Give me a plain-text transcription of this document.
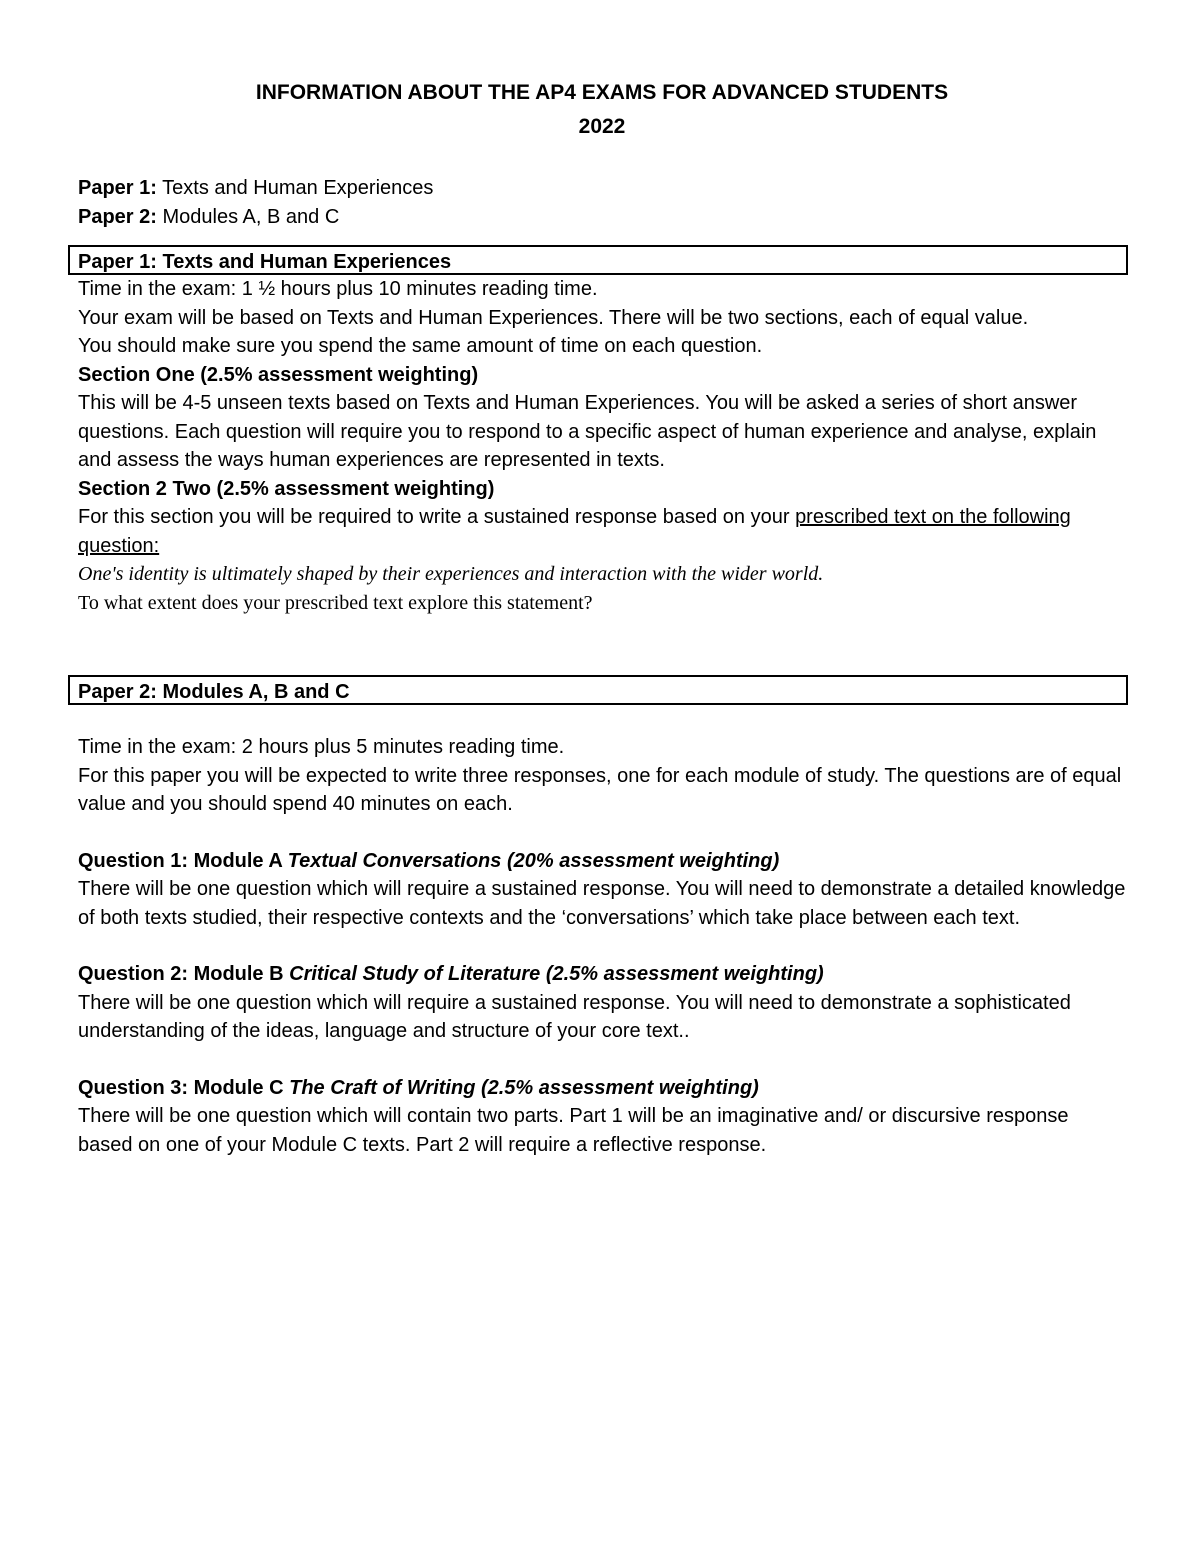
INFORMATION ABOUT THE AP4 EXAMS FOR ADVANCED STUDENTS

2022

Paper 1: Texts and Human Experiences

Paper 2: Modules A, B and C

Paper 1: Texts and Human Experiences

Time in the exam: 1 ½ hours plus 10 minutes reading time.

Your exam will be based on Texts and Human Experiences. There will be two sections, each of equal value.

You should make sure you spend the same amount of time on each question.

Section One (2.5% assessment weighting)

This will be 4-5 unseen texts based on Texts and Human Experiences. You will be asked a series of short answer questions. Each question will require you to respond to a specific aspect of human experience and analyse, explain and assess the ways human experiences are represented in texts.

Section 2 Two (2.5% assessment weighting)

For this section you will be required to write a sustained response based on your prescribed text on the following question:

One's identity is ultimately shaped by their experiences and interaction with the wider world.

To what extent does your prescribed text explore this statement?

Paper 2: Modules A, B and C

Time in the exam: 2 hours plus 5 minutes reading time.

For this paper you will be expected to write three responses, one for each module of study. The questions are of equal value and you should spend 40 minutes on each.

Question 1: Module A Textual Conversations (20% assessment weighting)

There will be one question which will require a sustained response. You will need to demonstrate a detailed knowledge of both texts studied, their respective contexts and the ‘conversations’ which take place between each text.

Question 2: Module B Critical Study of Literature (2.5% assessment weighting)

There will be one question which will require a sustained response. You will need to demonstrate a sophisticated understanding of the ideas, language and structure of your core text..

Question 3: Module C The Craft of Writing (2.5% assessment weighting)

There will be one question which will contain two parts. Part 1 will be an imaginative and/ or discursive response based on one of your Module C texts. Part 2 will require a reflective response.
